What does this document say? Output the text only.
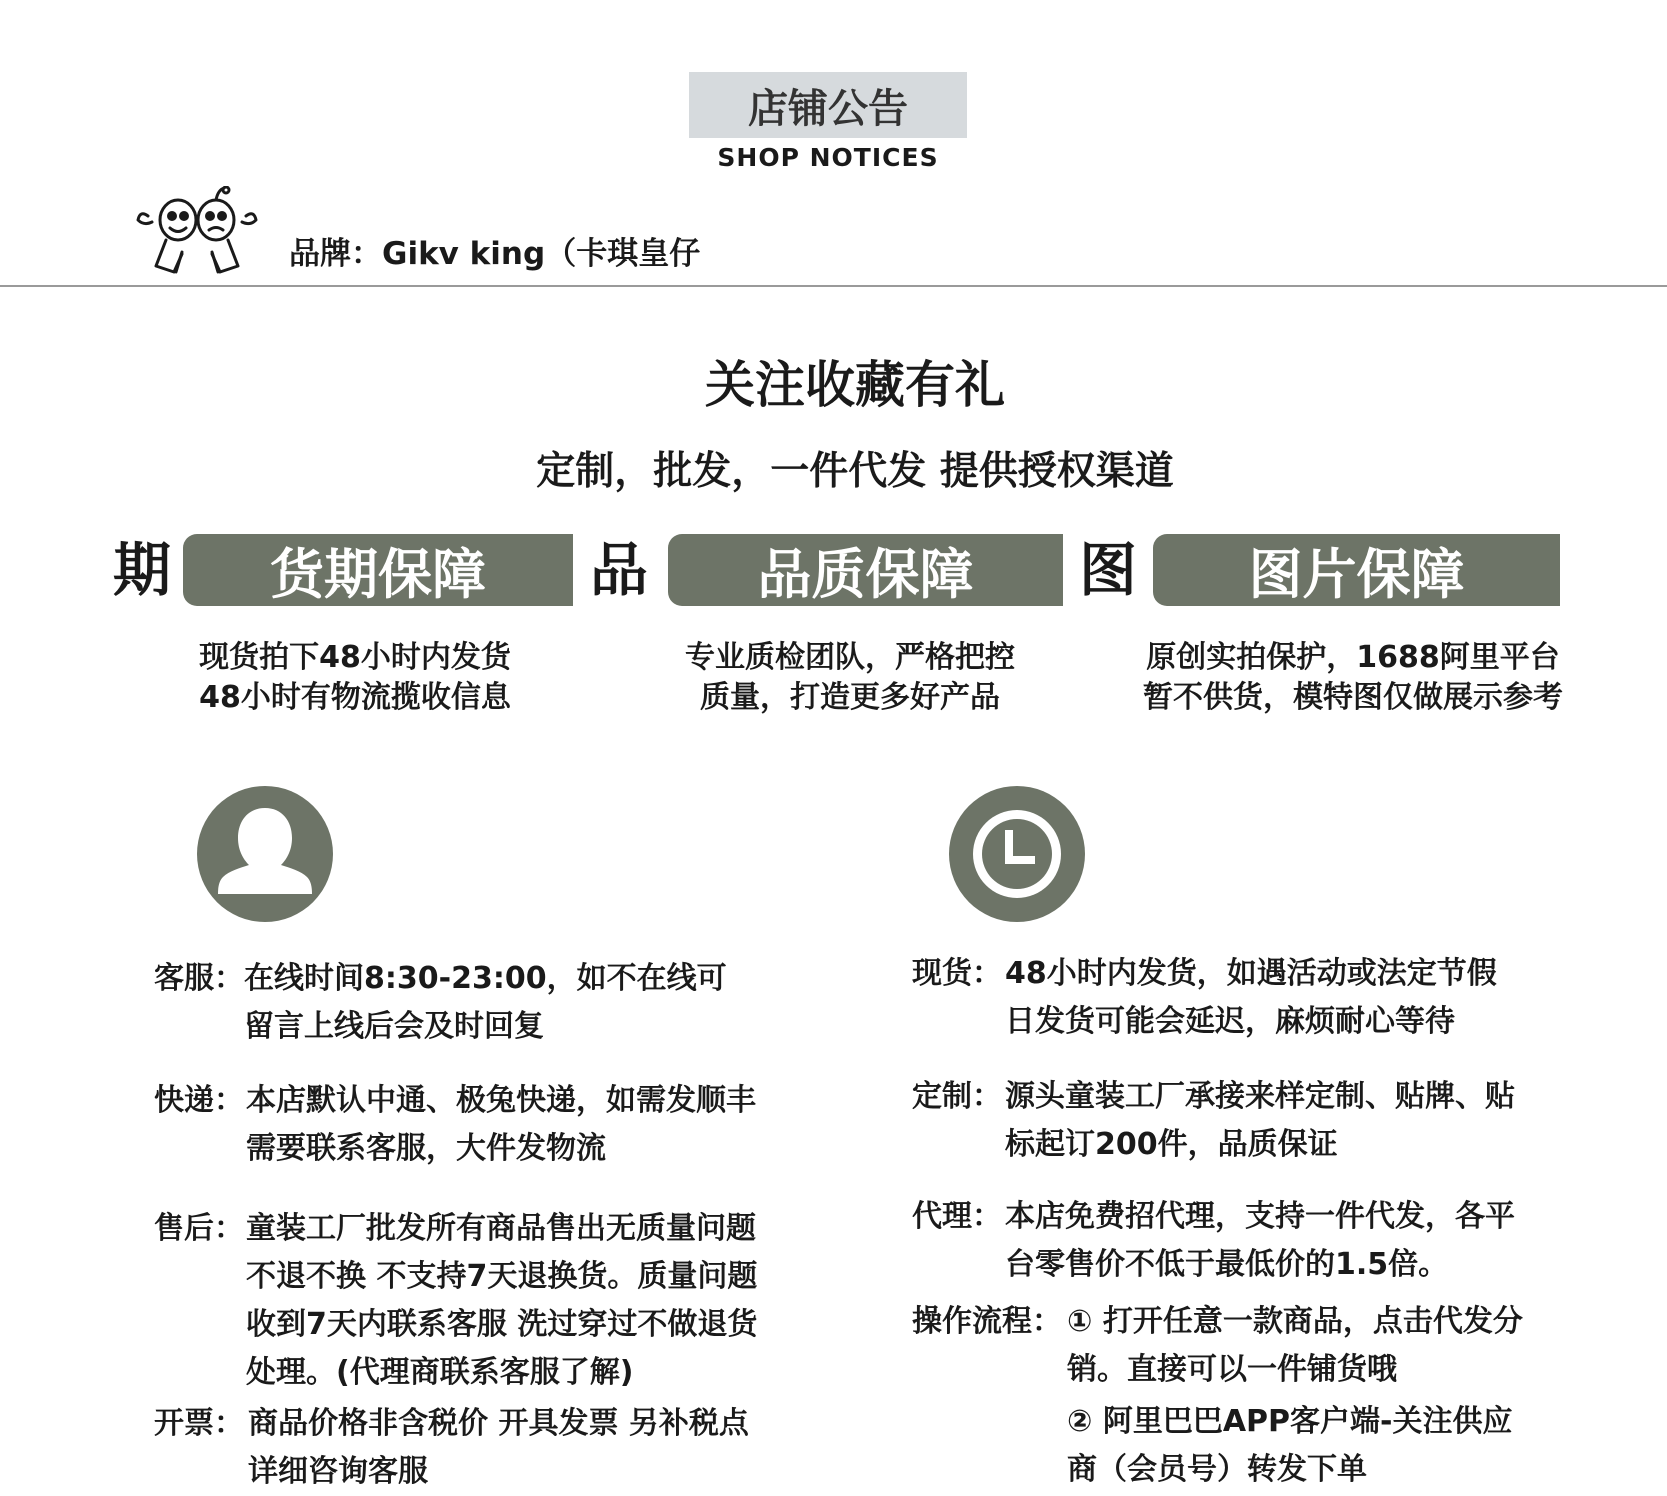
店铺公告
SHOP NOTICES
品牌：Gikv king（卡琪皇仔
关注收藏有礼
定制，批发，一件代发 提供授权渠道
期 货期保障 品 品质保障 图 图片保障
现货拍下48小时内发货
48小时有物流揽收信息
专业质检团队，严格把控
质量，打造更多好产品
原创实拍保护，1688阿里平台
暂不供货，模特图仅做展示参考
客服： 在线时间8:30-23:00，如不在线可留言上线后会及时回复
快递： 本店默认中通、极兔快递，如需发顺丰需要联系客服，大件发物流
售后： 童装工厂批发所有商品售出无质量问题不退不换 不支持7天退换货。质量问题收到7天内联系客服 洗过穿过不做退货处理。(代理商联系客服了解)
开票： 商品价格非含税价 开具发票 另补税点详细咨询客服
现货： 48小时内发货，如遇活动或法定节假日发货可能会延迟，麻烦耐心等待
定制： 源头童装工厂承接来样定制、贴牌、贴标起订200件，品质保证
代理： 本店免费招代理，支持一件代发，各平台零售价不低于最低价的1.5倍。
操作流程： ① 打开任意一款商品，点击代发分销。直接可以一件铺货哦
② 阿里巴巴APP客户端-关注供应商（会员号）转发下单
